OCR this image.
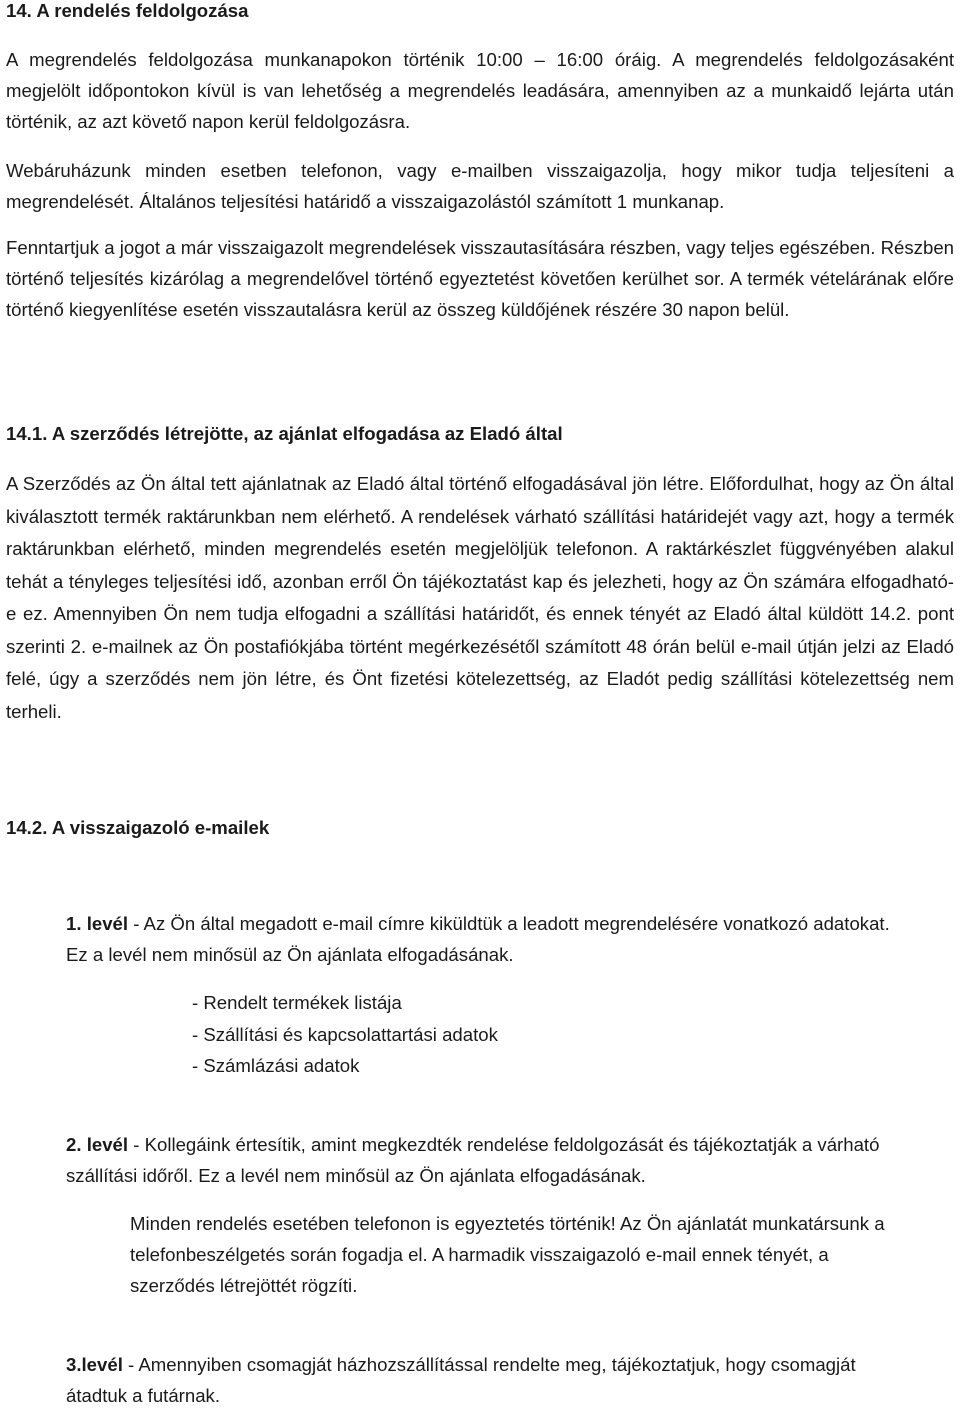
14. A rendelés feldolgozása
A megrendelés feldolgozása munkanapokon történik 10:00 – 16:00 óráig. A megrendelés feldolgozásaként megjelölt időpontokon kívül is van lehetőség a megrendelés leadására, amennyiben az a munkaidő lejárta után történik, az azt követő napon kerül feldolgozásra.
Webáruházunk minden esetben telefonon, vagy e-mailben visszaigazolja, hogy mikor tudja teljesíteni a megrendelését. Általános teljesítési határidő a visszaigazolástól számított 1 munkanap.
Fenntartjuk a jogot a már visszaigazolt megrendelések visszautasítására részben, vagy teljes egészében. Részben történő teljesítés kizárólag a megrendelővel történő egyeztetést követően kerülhet sor. A termék vételárának előre történő kiegyenlítése esetén visszautalásra kerül az összeg küldőjének részére 30 napon belül.
14.1. A szerződés létrejötte, az ajánlat elfogadása az Eladó által
A Szerződés az Ön által tett ajánlatnak az Eladó által történő elfogadásával jön létre. Előfordulhat, hogy az Ön által kiválasztott termék raktárunkban nem elérhető. A rendelések várható szállítási határidejét vagy azt, hogy a termék raktárunkban elérhető, minden megrendelés esetén megjelöljük telefonon. A raktárkészlet függvényében alakul tehát a tényleges teljesítési idő, azonban erről Ön tájékoztatást kap és jelezheti, hogy az Ön számára elfogadható-e ez. Amennyiben Ön nem tudja elfogadni a szállítási határidőt, és ennek tényét az Eladó által küldött 14.2. pont szerinti 2. e-mailnek az Ön postafiókjába történt megérkezésétől számított 48 órán belül e-mail útján jelzi az Eladó felé, úgy a szerződés nem jön létre, és Önt fizetési kötelezettség, az Eladót pedig szállítási kötelezettség nem terheli.
14.2. A visszaigazoló e-mailek
1. levél - Az Ön által megadott e-mail címre kiküldtük a leadott megrendelésére vonatkozó adatokat. Ez a levél nem minősül az Ön ajánlata elfogadásának.
- Rendelt termékek listája
- Szállítási és kapcsolattartási adatok
- Számlázási adatok
2. levél - Kollegáink értesítik, amint megkezdték rendelése feldolgozását és tájékoztatják a várható szállítási időről. Ez a levél nem minősül az Ön ajánlata elfogadásának.
Minden rendelés esetében telefonon is egyeztetés történik! Az Ön ajánlatát munkatársunk a telefonbeszélgetés során fogadja el. A harmadik visszaigazoló e-mail ennek tényét, a szerződés létrejöttét rögzíti.
3.levél - Amennyiben csomagját házhozszállítással rendelte meg, tájékoztatjuk, hogy csomagját átadtuk a futárnak.
